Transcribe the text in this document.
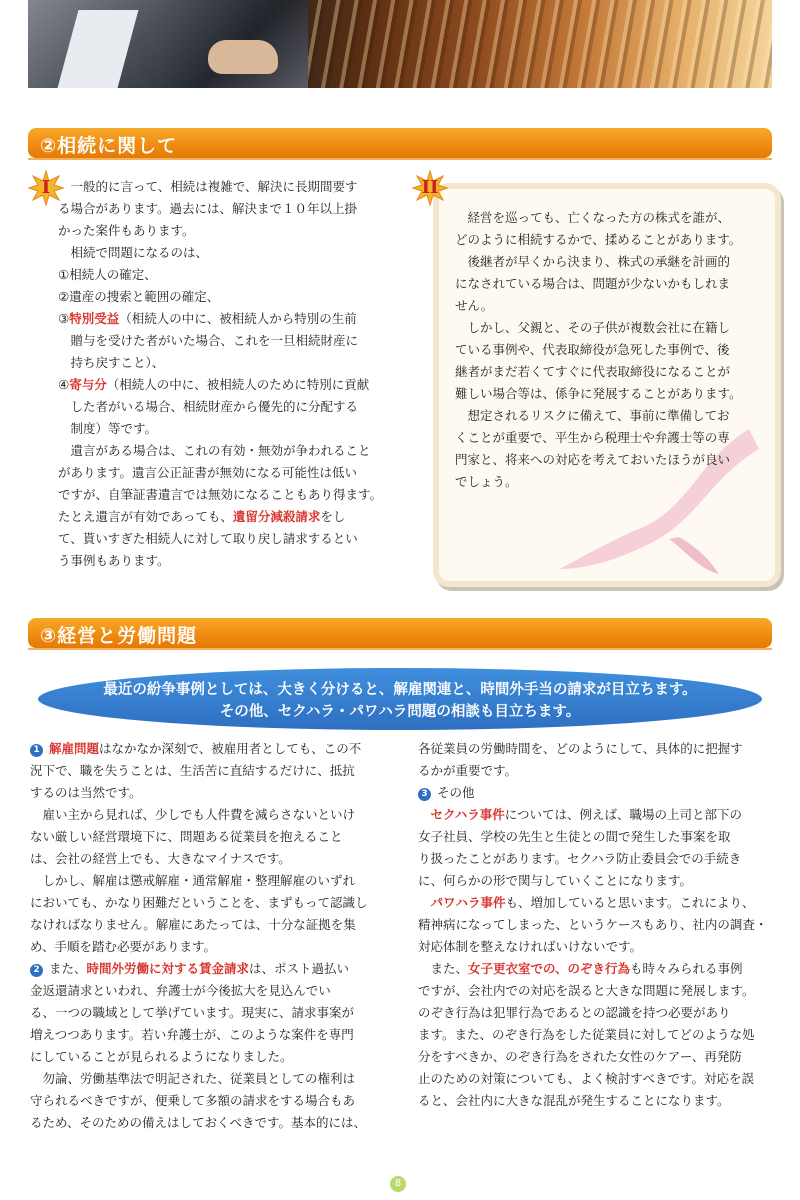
②相続に関して
I 　一般的に言って、相続は複雑で、解決に長期間要す

る場合があります。過去には、解決まで１０年以上掛

かった案件もあります。

　相続で問題になるのは、

①相続人の確定、

②遺産の捜索と範囲の確定、

③特別受益（相続人の中に、被相続人から特別の生前

　贈与を受けた者がいた場合、これを一旦相続財産に

　持ち戻すこと）、

④寄与分（相続人の中に、被相続人のために特別に貢献

　した者がいる場合、相続財産から優先的に分配する

　制度）等です。

　遺言がある場合は、これの有効・無効が争われること

があります。遺言公正証書が無効になる可能性は低い

ですが、自筆証書遺言では無効になることもあり得ます。

たとえ遺言が有効であっても、遺留分減殺請求をし

て、貰いすぎた相続人に対して取り戻し請求するとい

う事例もあります。

　経営を巡っても、亡くなった方の株式を誰が、

どのように相続するかで、揉めることがあります。

　後継者が早くから決まり、株式の承継を計画的

になされている場合は、問題が少ないかもしれま

せん。

　しかし、父親と、その子供が複数会社に在籍し

ている事例や、代表取締役が急死した事例で、後

継者がまだ若くてすぐに代表取締役になることが

難しい場合等は、係争に発展することがあります。

　想定されるリスクに備えて、事前に準備してお

くことが重要で、平生から税理士や弁護士等の専

門家と、将来への対応を考えておいたほうが良い

でしょう。

II
③経営と労働問題
最近の紛争事例としては、大きく分けると、解雇関連と、時間外手当の請求が目立ちます。
その他、セクハラ・パワハラ問題の相談も目立ちます。

1 解雇問題はなかなか深刻で、被雇用者としても、この不

況下で、職を失うことは、生活苦に直結するだけに、抵抗

するのは当然です。

　雇い主から見れば、少しでも人件費を減らさないといけ

ない厳しい経営環境下に、問題ある従業員を抱えること

は、会社の経営上でも、大きなマイナスです。

　しかし、解雇は懲戒解雇・通常解雇・整理解雇のいずれ

においても、かなり困難だということを、まずもって認識し

なければなりません。解雇にあたっては、十分な証拠を集

め、手順を踏む必要があります。

2 また、時間外労働に対する賃金請求は、ポスト過払い

金返還請求といわれ、弁護士が今後拡大を見込んでい

る、一つの職域として挙げています。現実に、請求事案が

増えつつあります。若い弁護士が、このような案件を専門

にしていることが見られるようになりました。

　勿論、労働基準法で明記された、従業員としての権利は

守られるべきですが、便乗して多額の請求をする場合もあ

るため、そのための備えはしておくべきです。基本的には、

各従業員の労働時間を、どのようにして、具体的に把握す

るかが重要です。

3 その他

　セクハラ事件については、例えば、職場の上司と部下の

女子社員、学校の先生と生徒との間で発生した事案を取

り扱ったことがあります。セクハラ防止委員会での手続き

に、何らかの形で関与していくことになります。

　パワハラ事件も、増加していると思います。これにより、

精神病になってしまった、というケースもあり、社内の調査・

対応体制を整えなければいけないです。

　また、女子更衣室での、のぞき行為も時々みられる事例

ですが、会社内での対応を誤ると大きな問題に発展します。

のぞき行為は犯罪行為であるとの認識を持つ必要があり

ます。また、のぞき行為をした従業員に対してどのような処

分をすべきか、のぞき行為をされた女性のケアー、再発防

止のための対策についても、よく検討すべきです。対応を誤

ると、会社内に大きな混乱が発生することになります。

8
